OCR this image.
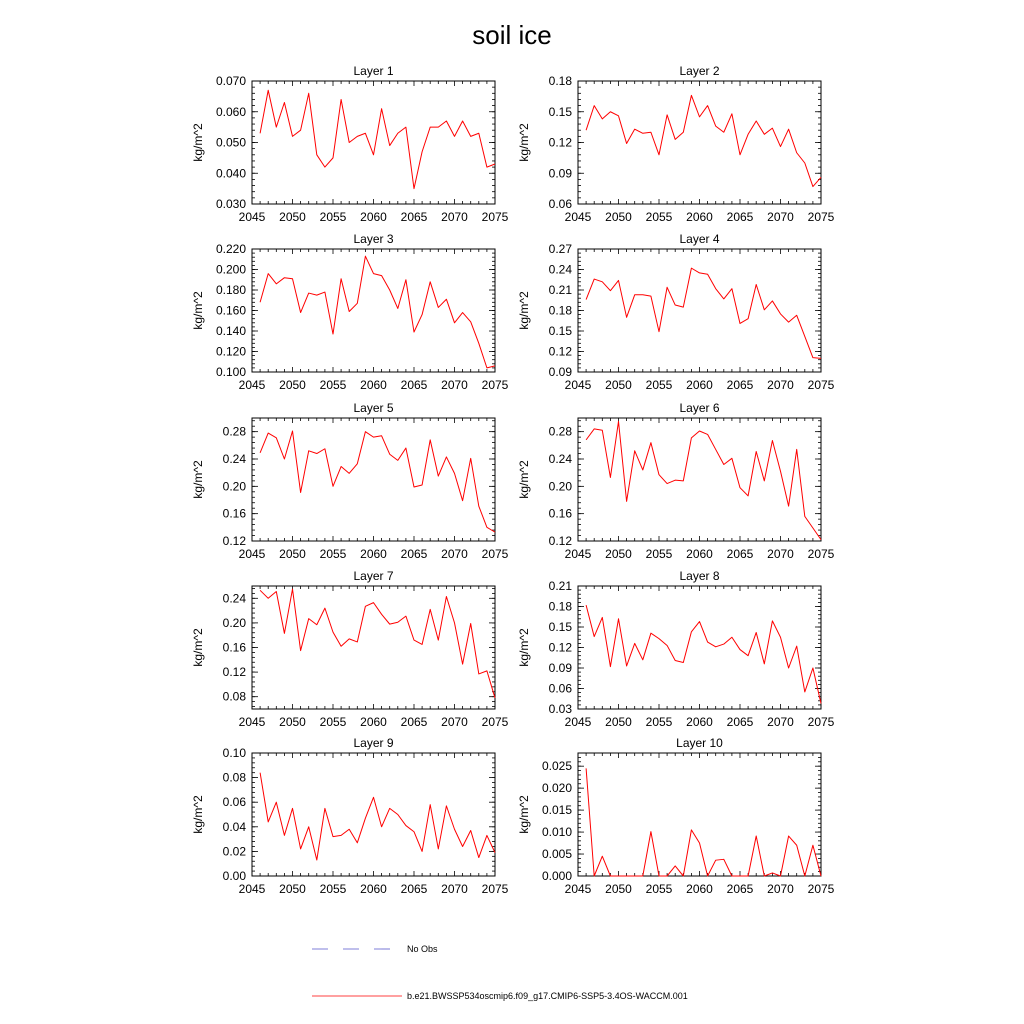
soil ice
Layer 1
2045 2050 2055 2060 2065 2070 2075
0.030
0.040
0.050
0.060
0.070
kg/m^2
Layer 2
2045 2050 2055 2060 2065 2070 2075
0.06
0.09
0.12
0.15
0.18
kg/m^2
Layer 3
2045 2050 2055 2060 2065 2070 2075
0.100
0.120
0.140
0.160
0.180
0.200
0.220
kg/m^2
Layer 4
2045 2050 2055 2060 2065 2070 2075
0.09
0.12
0.15
0.18
0.21
0.24
0.27
kg/m^2
Layer 5
2045 2050 2055 2060 2065 2070 2075
0.12
0.16
0.20
0.24
0.28
kg/m^2
Layer 6
2045 2050 2055 2060 2065 2070 2075
0.12
0.16
0.20
0.24
0.28
kg/m^2
Layer 7
2045 2050 2055 2060 2065 2070 2075
0.08
0.12
0.16
0.20
0.24
kg/m^2
Layer 8
2045 2050 2055 2060 2065 2070 2075
0.03
0.06
0.09
0.12
0.15
0.18
0.21
kg/m^2
Layer 9
2045 2050 2055 2060 2065 2070 2075
0.00
0.02
0.04
0.06
0.08
0.10
kg/m^2
Layer 10
2045 2050 2055 2060 2065 2070 2075
0.000
0.005
0.010
0.015
0.020
0.025
kg/m^2
No Obs
b.e21.BWSSP534oscmip6.f09_g17.CMIP6-SSP5-3.4OS-WACCM.001
